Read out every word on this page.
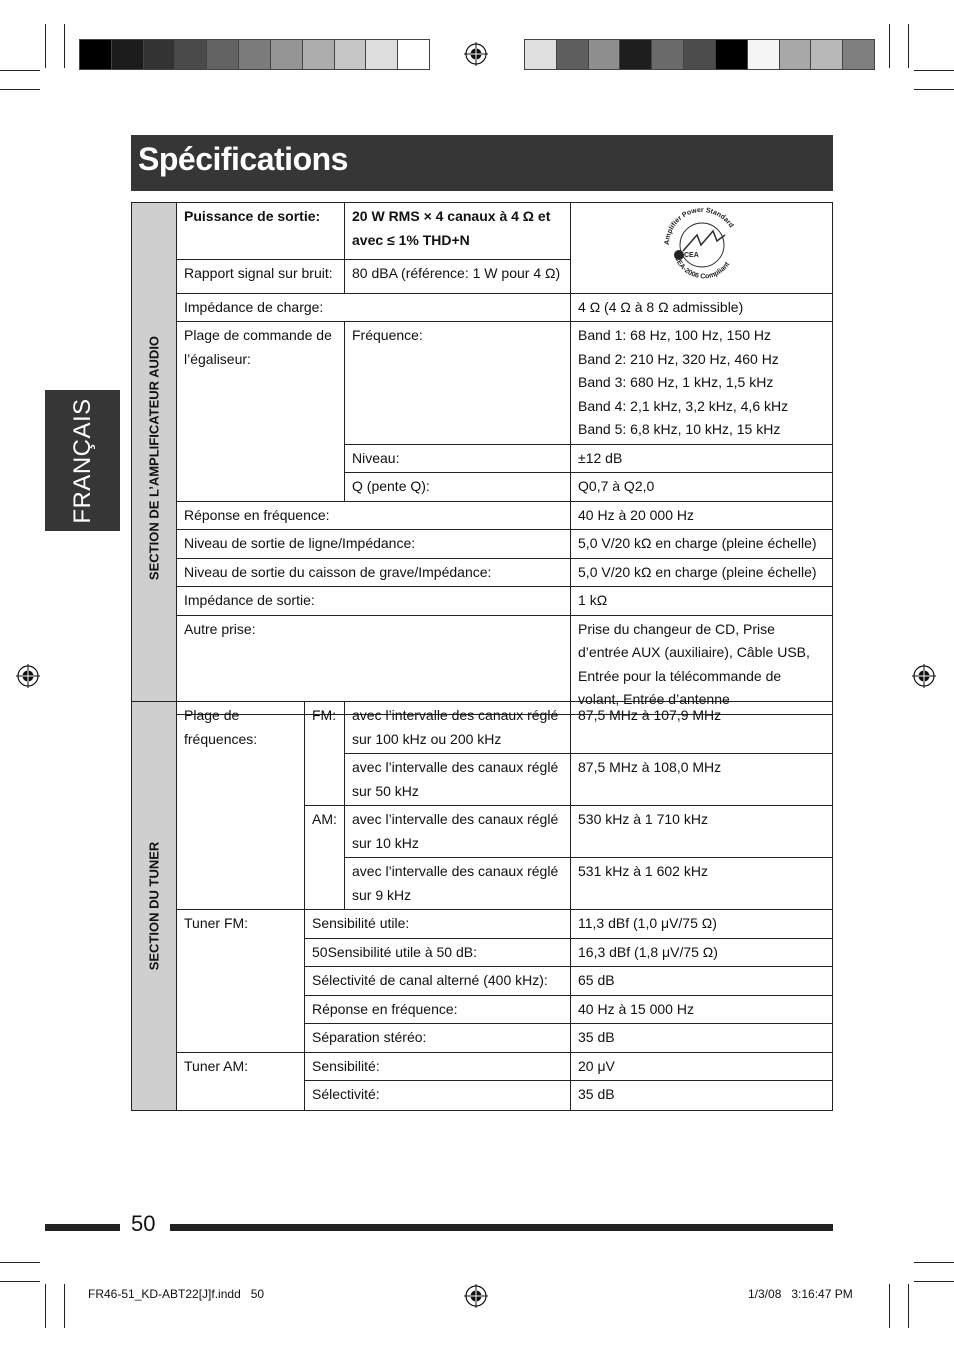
Spécifications
FRANÇAIS	SECTION DE L’AMPLIFICATEUR AUDIO	Puissance de sortie:	20 W RMS × 4 canaux à 4 Ω et avec ≤ 1% THD+N	Amplifier Power Standard
CEA
CEA-2006 Compliant

	Rapport signal sur bruit:	80 dBA (référence: 1 W pour 4 Ω)	
	Impédance de charge:		4 Ω (4 Ω à 8 Ω admissible)
	Plage de commande de l’égaliseur:	Fréquence:	Band 1: 68 Hz, 100 Hz, 150 Hz
Band 2: 210 Hz, 320 Hz, 460 Hz
Band 3: 680 Hz, 1 kHz, 1,5 kHz
Band 4: 2,1 kHz, 3,2 kHz, 4,6 kHz
Band 5: 6,8 kHz, 10 kHz, 15 kHz

		Niveau:	±12 dB
		Q (pente Q):	Q0,7 à Q2,0
	Réponse en fréquence:		40 Hz à 20 000 Hz
	Niveau de sortie de ligne/Impédance:		5,0 V/20 kΩ en charge (pleine échelle)
	Niveau de sortie du caisson de grave/Impédance:		5,0 V/20 kΩ en charge (pleine échelle)
	Impédance de sortie:		1 kΩ
	Autre prise:		Prise du changeur de CD, Prise d’entrée AUX (auxiliaire), Câble USB, Entrée pour la télécommande de volant, Entrée d’antenne
SECTION DU TUNER	Plage de fréquences:	FM:	avec l’intervalle des canaux réglé sur 100 kHz ou 200 kHz	87,5 MHz à 107,9 MHz
			avec l’intervalle des canaux réglé sur 50 kHz	87,5 MHz à 108,0 MHz
		AM:	avec l’intervalle des canaux réglé sur 10 kHz	530 kHz à 1 710 kHz
			avec l’intervalle des canaux réglé sur 9 kHz	531 kHz à 1 602 kHz
	Tuner FM:	Sensibilité utile:		11,3 dBf (1,0 μV/75 Ω)
		50Sensibilité utile à 50 dB:		16,3 dBf (1,8 μV/75 Ω)
		Sélectivité de canal alterné (400 kHz):		65 dB
		Réponse en fréquence:		40 Hz à 15 000 Hz
		Séparation stéréo:		35 dB
	Tuner AM:	Sensibilité:		20 μV
		Sélectivité:		35 dB
50
FR46-51_KD-ABT22[J]f.indd   50	1/3/08   3:16:47 PM
